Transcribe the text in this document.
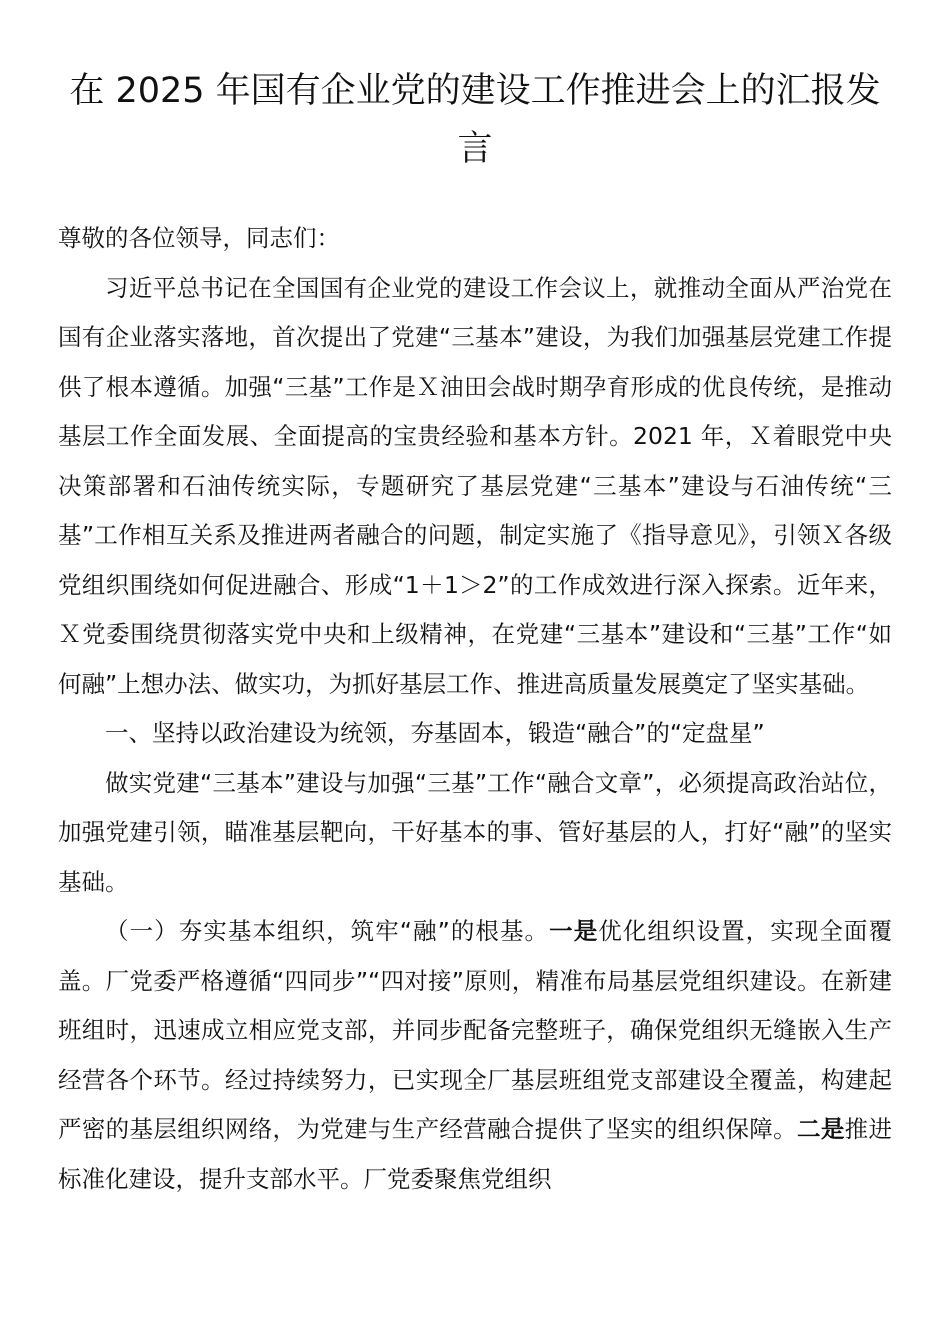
在 2025 年国有企业党的建设工作推进会上的汇报发言

尊敬的各位领导，同志们：

习近平总书记在全国国有企业党的建设工作会议上，就推动全面从严治党在国有企业落实落地，首次提出了党建“三基本”建设，为我们加强基层党建工作提供了根本遵循。加强“三基”工作是Ｘ油田会战时期孕育形成的优良传统，是推动基层工作全面发展、全面提高的宝贵经验和基本方针。2021 年，Ｘ着眼党中央决策部署和石油传统实际，专题研究了基层党建“三基本”建设与石油传统“三基”工作相互关系及推进两者融合的问题，制定实施了《指导意见》，引领Ｘ各级党组织围绕如何促进融合、形成“1＋1＞2”的工作成效进行深入探索。近年来，Ｘ党委围绕贯彻落实党中央和上级精神，在党建“三基本”建设和“三基”工作“如何融”上想办法、做实功，为抓好基层工作、推进高质量发展奠定了坚实基础。

一、坚持以政治建设为统领，夯基固本，锻造“融合”的“定盘星”

做实党建“三基本”建设与加强“三基”工作“融合文章”，必须提高政治站位，加强党建引领，瞄准基层靶向，干好基本的事、管好基层的人，打好“融”的坚实基础。

（一）夯实基本组织，筑牢“融”的根基。一是优化组织设置，实现全面覆盖。厂党委严格遵循“四同步”“四对接”原则，精准布局基层党组织建设。在新建班组时，迅速成立相应党支部，并同步配备完整班子，确保党组织无缝嵌入生产经营各个环节。经过持续努力，已实现全厂基层班组党支部建设全覆盖，构建起严密的基层组织网络，为党建与生产经营融合提供了坚实的组织保障。二是推进标准化建设，提升支部水平。厂党委聚焦党组织
